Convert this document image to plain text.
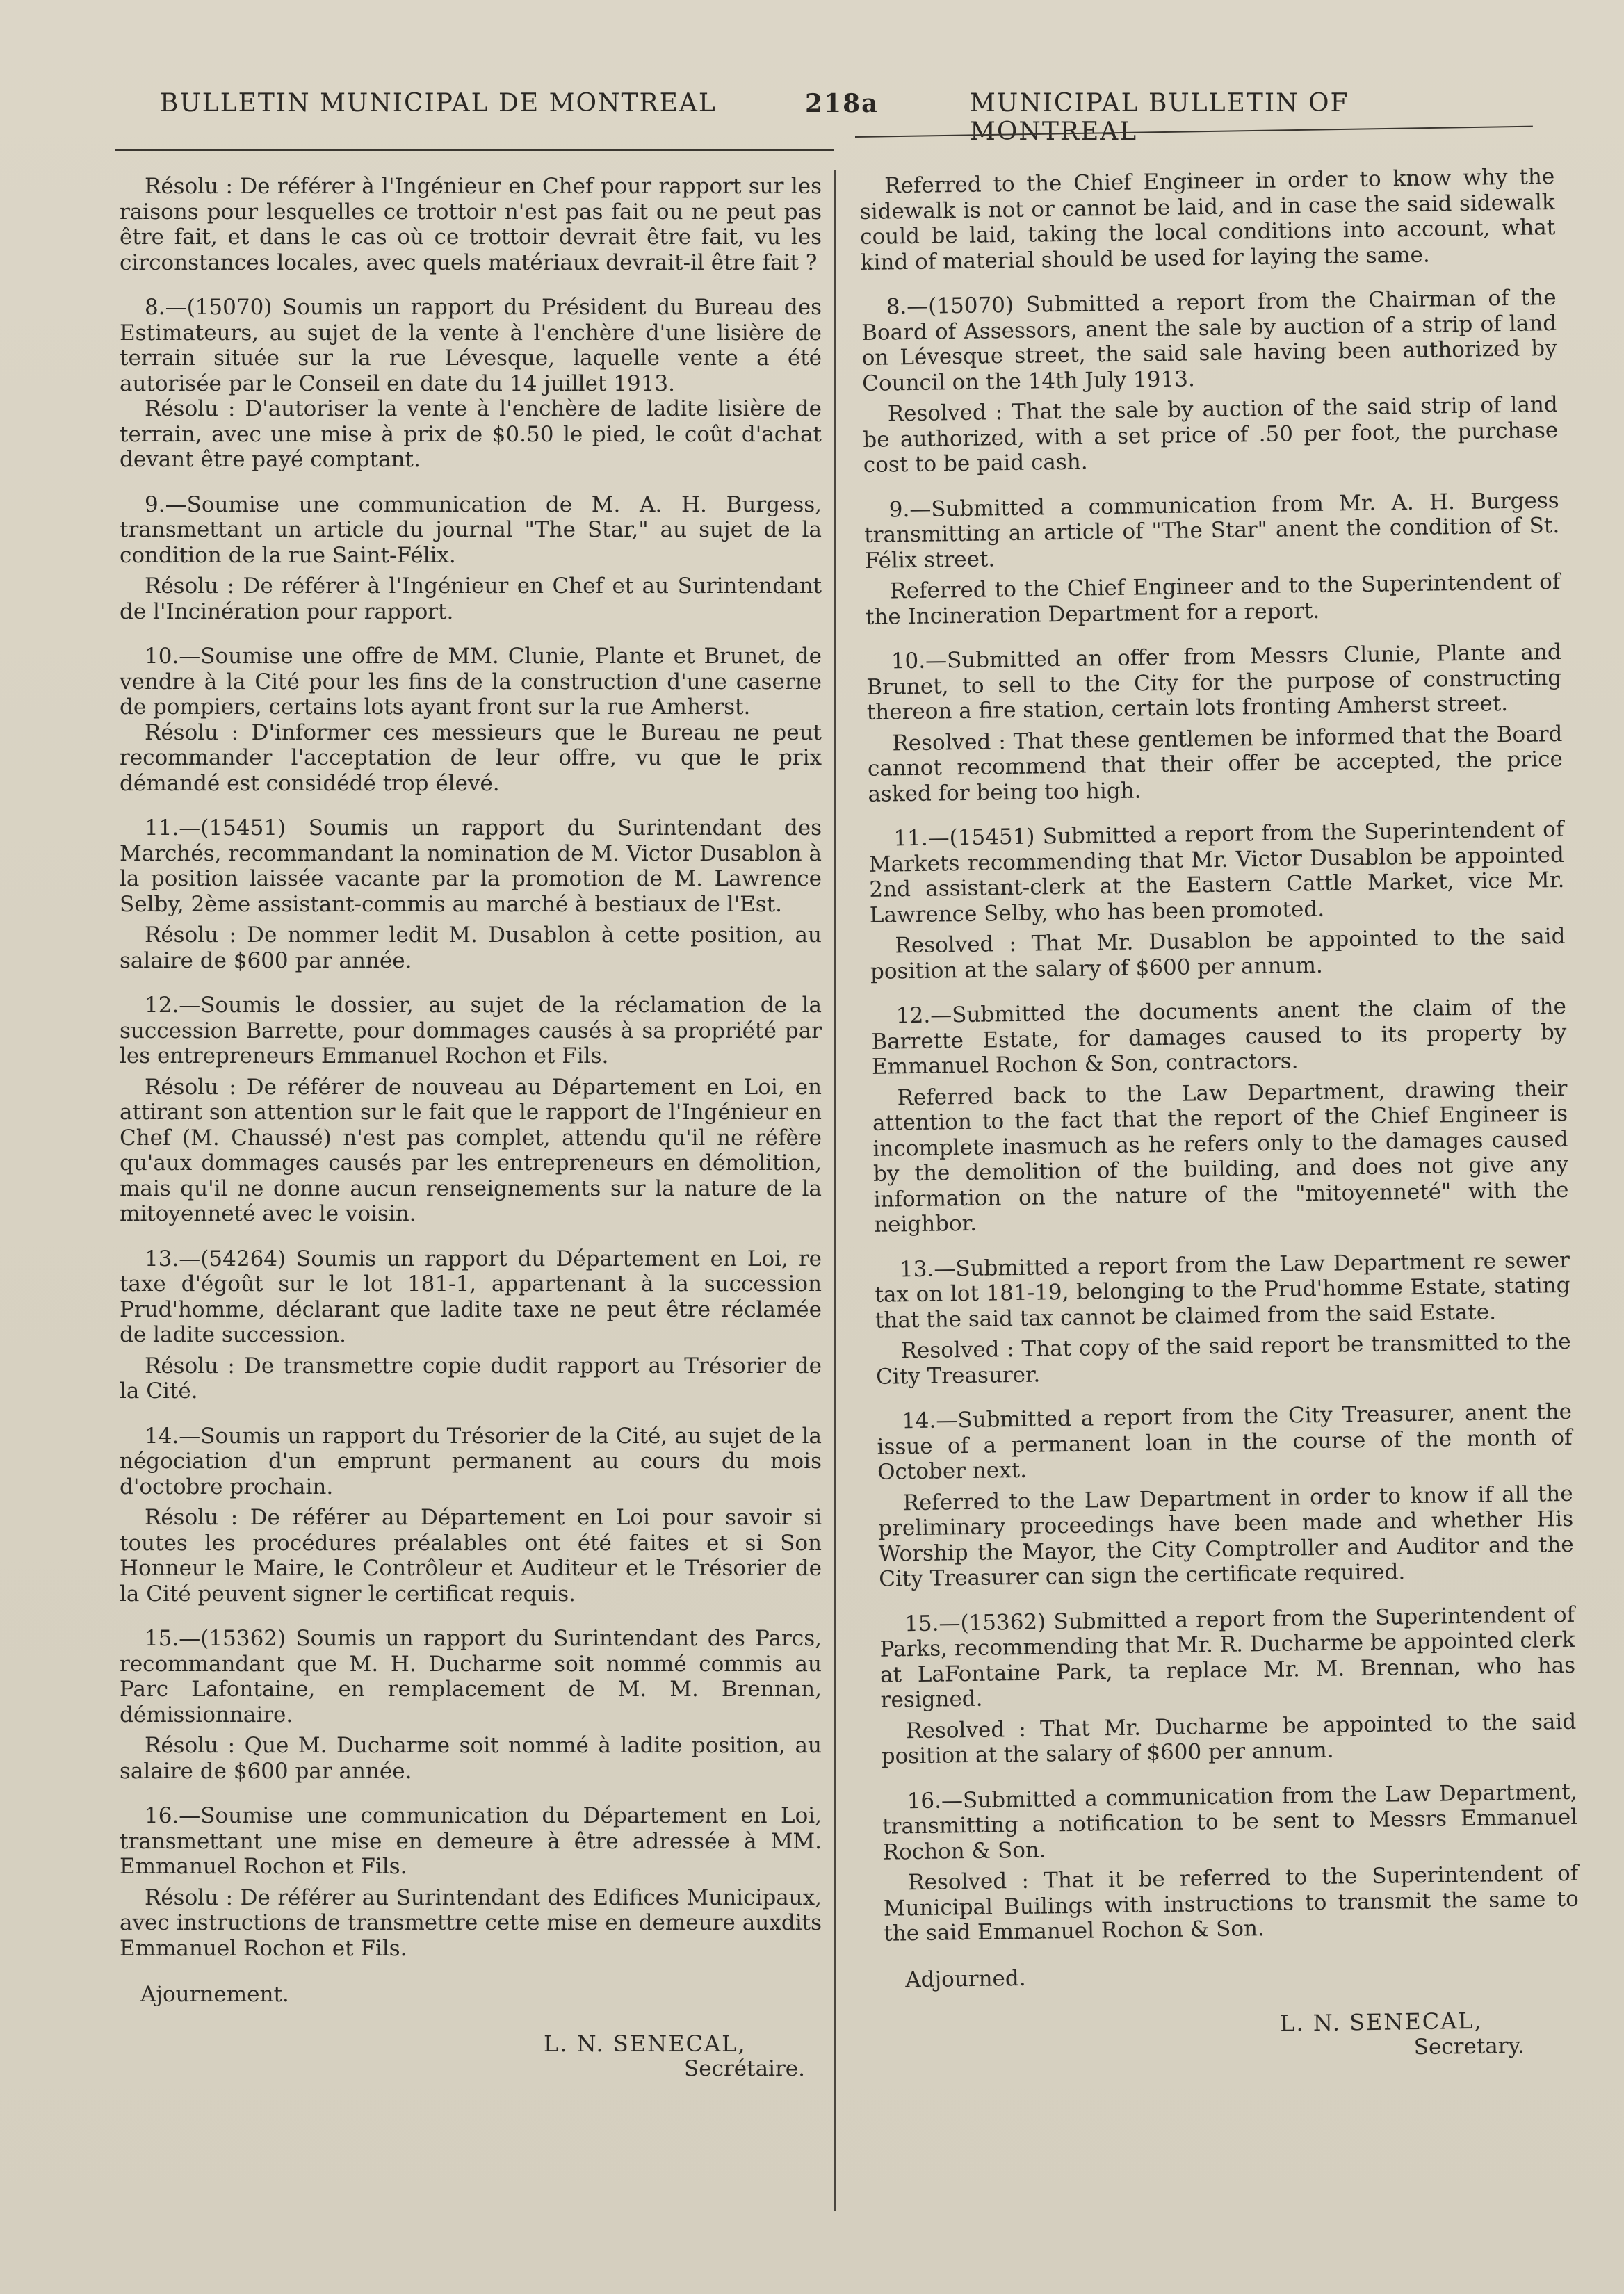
BULLETIN MUNICIPAL DE MONTREAL	218a	MUNICIPAL BULLETIN OF MONTREAL

Résolu : De référer à l'Ingénieur en Chef pour rapport sur les raisons pour lesquelles ce trottoir n'est pas fait ou ne peut pas être fait, et dans le cas où ce trottoir devrait être fait, vu les circonstances locales, avec quels matériaux devrait-il être fait ?

8.—(15070) Soumis un rapport du Président du Bureau des Estimateurs, au sujet de la vente à l'enchère d'une lisière de terrain située sur la rue Lévesque, laquelle vente a été autorisée par le Conseil en date du 14 juillet 1913.

Résolu : D'autoriser la vente à l'enchère de ladite lisière de terrain, avec une mise à prix de $0.50 le pied, le coût d'achat devant être payé comptant.

9.—Soumise une communication de M. A. H. Burgess, transmettant un article du journal "The Star," au sujet de la condition de la rue Saint-Félix.

Résolu : De référer à l'Ingénieur en Chef et au Surintendant de l'Incinération pour rapport.

10.—Soumise une offre de MM. Clunie, Plante et Brunet, de vendre à la Cité pour les fins de la construction d'une caserne de pompiers, certains lots ayant front sur la rue Amherst.

Résolu : D'informer ces messieurs que le Bureau ne peut recommander l'acceptation de leur offre, vu que le prix démandé est considédé trop élevé.

11.—(15451) Soumis un rapport du Surintendant des Marchés, recommandant la nomination de M. Victor Dusablon à la position laissée vacante par la promotion de M. Lawrence Selby, 2ème assistant-commis au marché à bestiaux de l'Est.

Résolu : De nommer ledit M. Dusablon à cette position, au salaire de $600 par année.

12.—Soumis le dossier, au sujet de la réclamation de la succession Barrette, pour dommages causés à sa propriété par les entrepreneurs Emmanuel Rochon et Fils.

Résolu : De référer de nouveau au Département en Loi, en attirant son attention sur le fait que le rapport de l'Ingénieur en Chef (M. Chaussé) n'est pas complet, attendu qu'il ne réfère qu'aux dommages causés par les entrepreneurs en démolition, mais qu'il ne donne aucun renseignements sur la nature de la mitoyenneté avec le voisin.

13.—(54264) Soumis un rapport du Département en Loi, re taxe d'égoût sur le lot 181-1, appartenant à la succession Prud'homme, déclarant que ladite taxe ne peut être réclamée de ladite succession.

Résolu : De transmettre copie dudit rapport au Trésorier de la Cité.

14.—Soumis un rapport du Trésorier de la Cité, au sujet de la négociation d'un emprunt permanent au cours du mois d'octobre prochain.

Résolu : De référer au Département en Loi pour savoir si toutes les procédures préalables ont été faites et si Son Honneur le Maire, le Contrôleur et Auditeur et le Trésorier de la Cité peuvent signer le certificat requis.

15.—(15362) Soumis un rapport du Surintendant des Parcs, recommandant que M. H. Ducharme soit nommé commis au Parc Lafontaine, en remplacement de M. M. Brennan, démissionnaire.

Résolu : Que M. Ducharme soit nommé à ladite position, au salaire de $600 par année.

16.—Soumise une communication du Département en Loi, transmettant une mise en demeure à être adressée à MM. Emmanuel Rochon et Fils.

Résolu : De référer au Surintendant des Edifices Municipaux, avec instructions de transmettre cette mise en demeure auxdits Emmanuel Rochon et Fils.

Ajournement.

L. N. SENECAL,
Secrétaire.

Referred to the Chief Engineer in order to know why the sidewalk is not or cannot be laid, and in case the said sidewalk could be laid, taking the local conditions into account, what kind of material should be used for laying the same.

8.—(15070) Submitted a report from the Chairman of the Board of Assessors, anent the sale by auction of a strip of land on Lévesque street, the said sale having been authorized by Council on the 14th July 1913.

Resolved : That the sale by auction of the said strip of land be authorized, with a set price of .50 per foot, the purchase cost to be paid cash.

9.—Submitted a communication from Mr. A. H. Burgess transmitting an article of "The Star" anent the condition of St. Félix street.

Referred to the Chief Engineer and to the Superintendent of the Incineration Department for a report.

10.—Submitted an offer from Messrs Clunie, Plante and Brunet, to sell to the City for the purpose of constructing thereon a fire station, certain lots fronting Amherst street.

Resolved : That these gentlemen be informed that the Board cannot recommend that their offer be accepted, the price asked for being too high.

11.—(15451) Submitted a report from the Superintendent of Markets recommending that Mr. Victor Dusablon be appointed 2nd assistant-clerk at the Eastern Cattle Market, vice Mr. Lawrence Selby, who has been promoted.

Resolved : That Mr. Dusablon be appointed to the said position at the salary of $600 per annum.

12.—Submitted the documents anent the claim of the Barrette Estate, for damages caused to its property by Emmanuel Rochon & Son, contractors.

Referred back to the Law Department, drawing their attention to the fact that the report of the Chief Engineer is incomplete inasmuch as he refers only to the damages caused by the demolition of the building, and does not give any information on the nature of the "mitoyenneté" with the neighbor.

13.—Submitted a report from the Law Department re sewer tax on lot 181-19, belonging to the Prud'homme Estate, stating that the said tax cannot be claimed from the said Estate.

Resolved : That copy of the said report be transmitted to the City Treasurer.

14.—Submitted a report from the City Treasurer, anent the issue of a permanent loan in the course of the month of October next.

Referred to the Law Department in order to know if all the preliminary proceedings have been made and whether His Worship the Mayor, the City Comptroller and Auditor and the City Treasurer can sign the certificate required.

15.—(15362) Submitted a report from the Superintendent of Parks, recommending that Mr. R. Ducharme be appointed clerk at LaFontaine Park, ta replace Mr. M. Brennan, who has resigned.

Resolved : That Mr. Ducharme be appointed to the said position at the salary of $600 per annum.

16.—Submitted a communication from the Law Department, transmitting a notification to be sent to Messrs Emmanuel Rochon & Son.

Resolved : That it be referred to the Superintendent of Municipal Builings with instructions to transmit the same to the said Emmanuel Rochon & Son.

Adjourned.

L. N. SENECAL,
Secretary.
